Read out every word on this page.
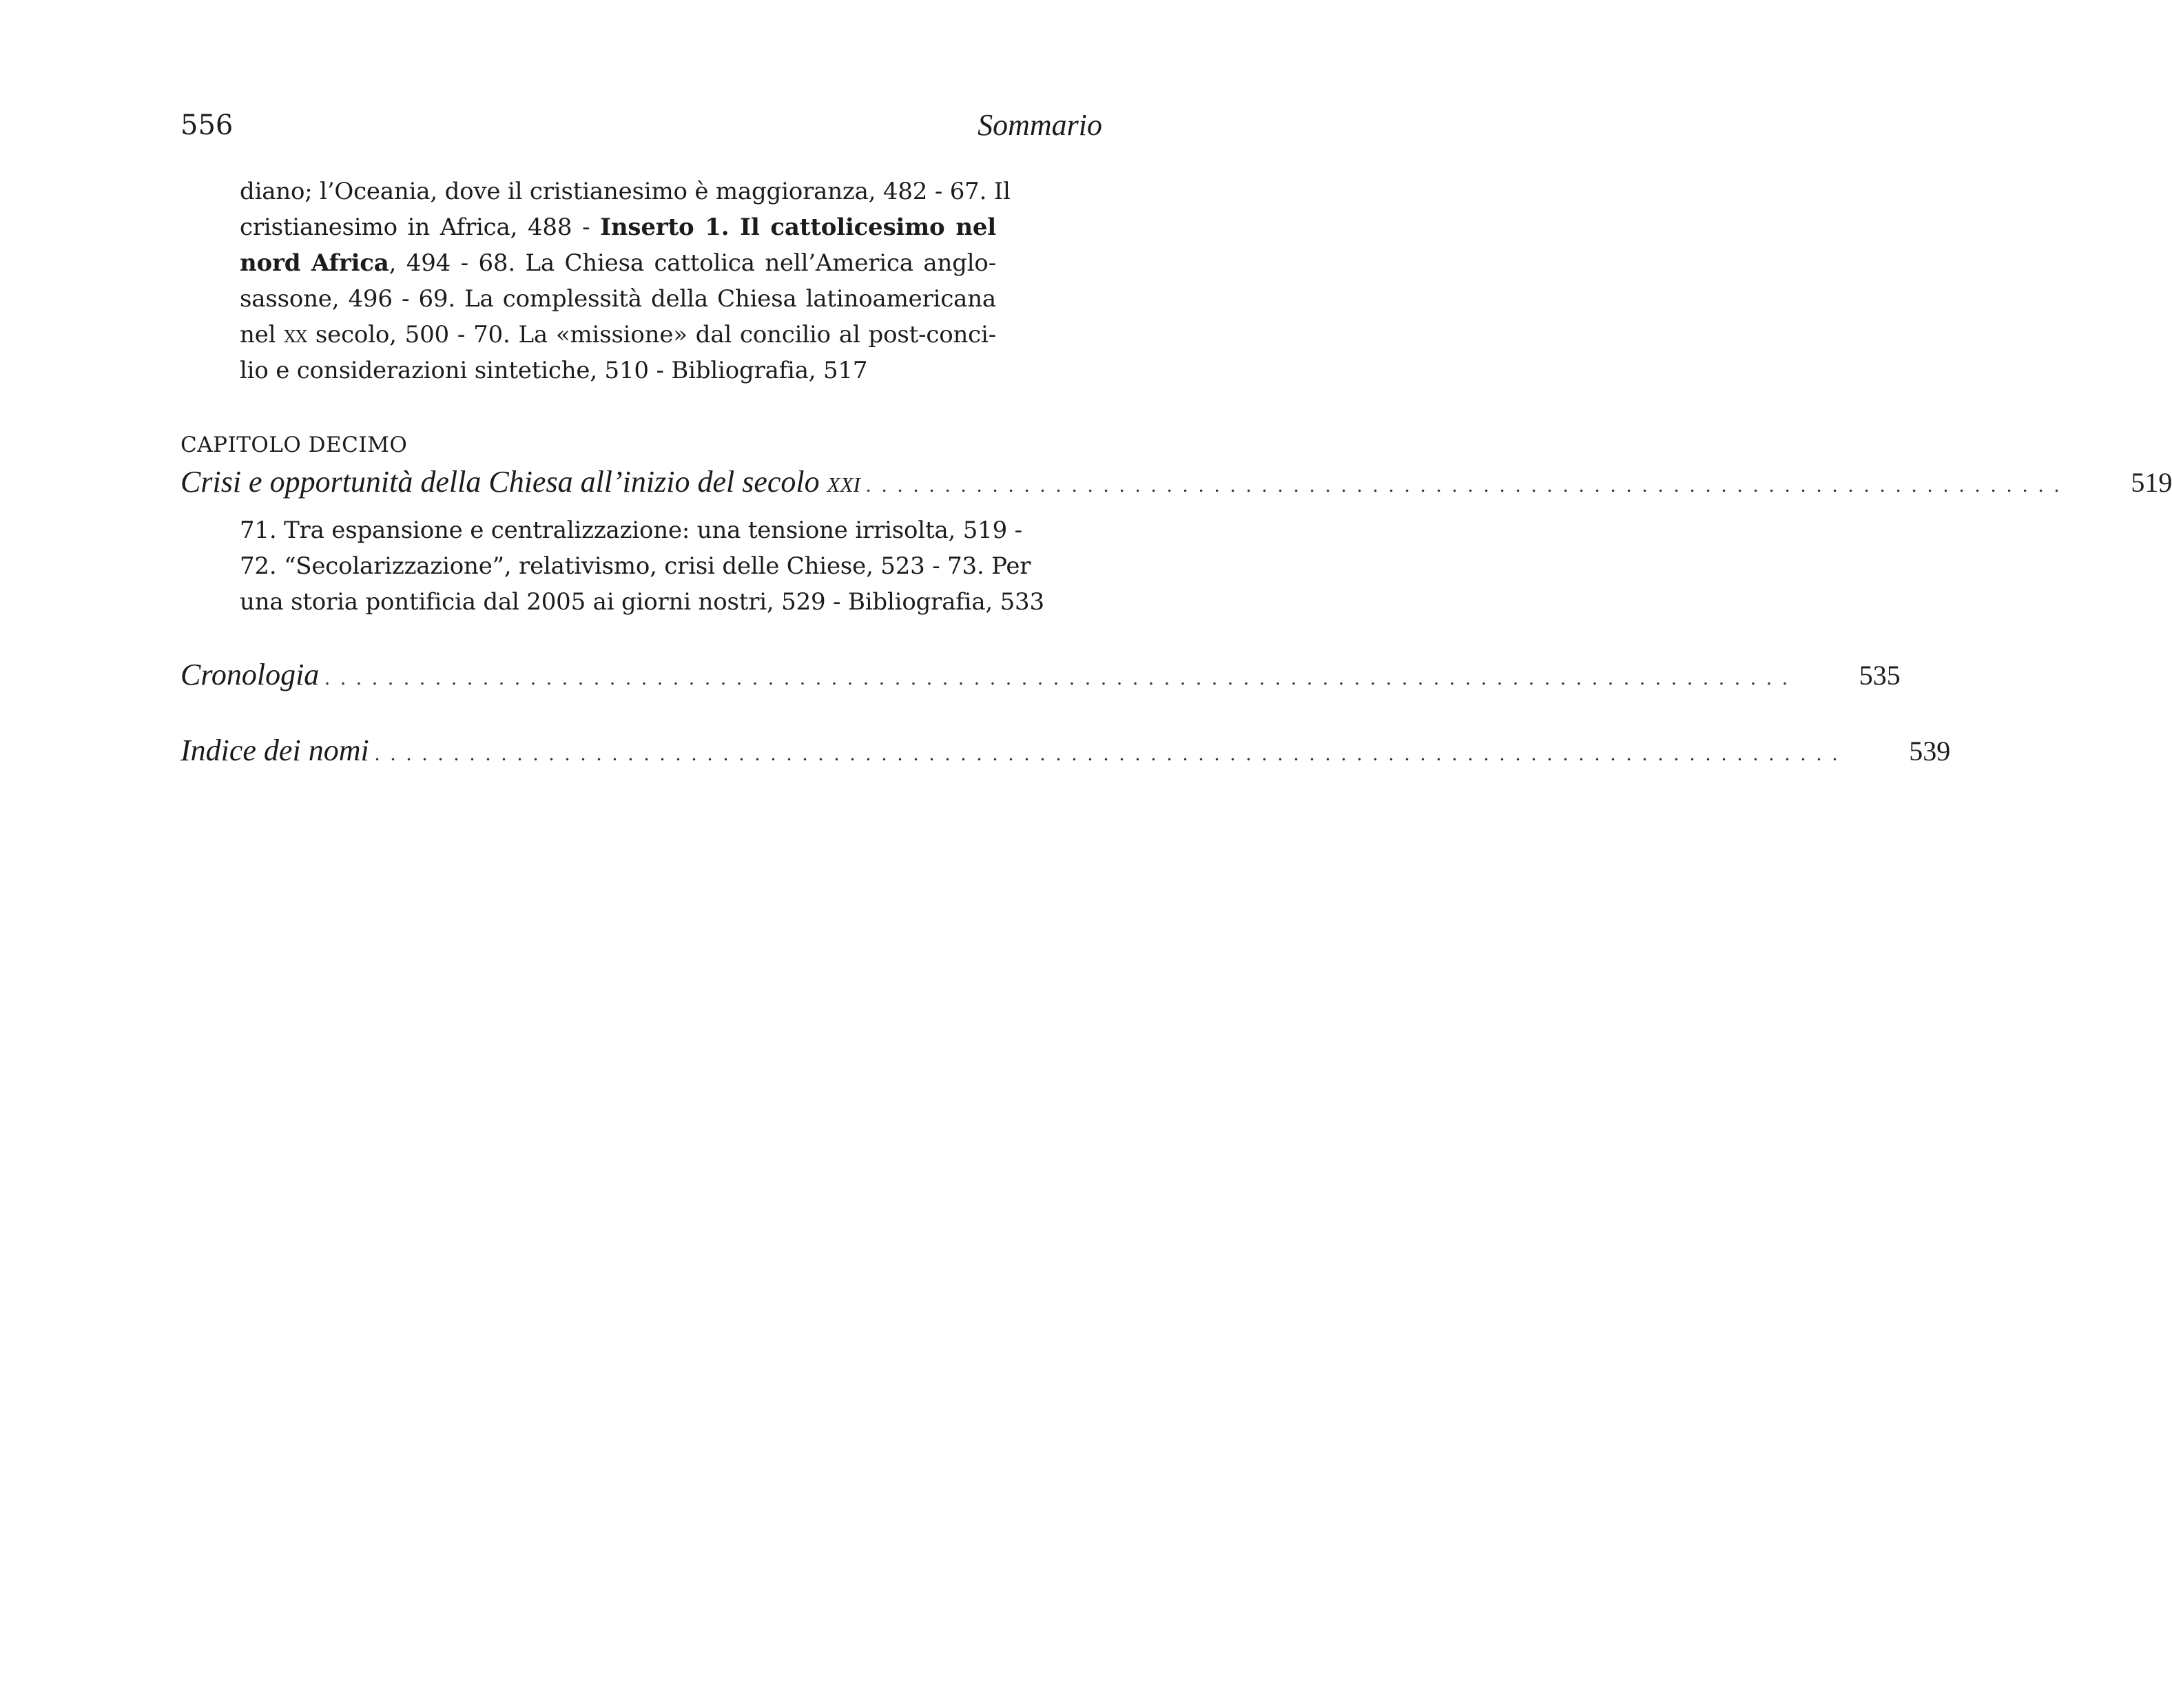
556	Sommario
diano; l’Oceania, dove il cristianesimo è maggioranza, 482 - 67. Il
cristianesimo in Africa, 488 - Inserto 1. Il cattolicesimo nel
nord Africa, 494 - 68. La Chiesa cattolica nell’America anglo-
sassone, 496 - 69. La complessità della Chiesa latinoamericana
nel xx secolo, 500 - 70. La «missione» dal concilio al post-conci-
lio e considerazioni sintetiche, 510 - Bibliografia, 517
CAPITOLO DECIMO
Crisi e opportunità della Chiesa all’inizio del secolo xxi . . . . . . . . . . . . . . . . . . . . . . . . . . . . . . . . . . . . . . . . . . . . . . . . . . . . . . . . . . . . . . . . . . . . . . . . . . . .	519
71. Tra espansione e centralizzazione: una tensione irrisolta, 519 -
72. “Secolarizzazione”, relativismo, crisi delle Chiese, 523 - 73. Per
una storia pontificia dal 2005 ai giorni nostri, 529 - Bibliografia, 533
Cronologia . . . . . . . . . . . . . . . . . . . . . . . . . . . . . . . . . . . . . . . . . . . . . . . . . . . . . . . . . . . . . . . . . . . . . . . . . . . . . . . . . . . . . . . . . . . . .	535
Indice dei nomi . . . . . . . . . . . . . . . . . . . . . . . . . . . . . . . . . . . . . . . . . . . . . . . . . . . . . . . . . . . . . . . . . . . . . . . . . . . . . . . . . . . . . . . . . . . . .	539
